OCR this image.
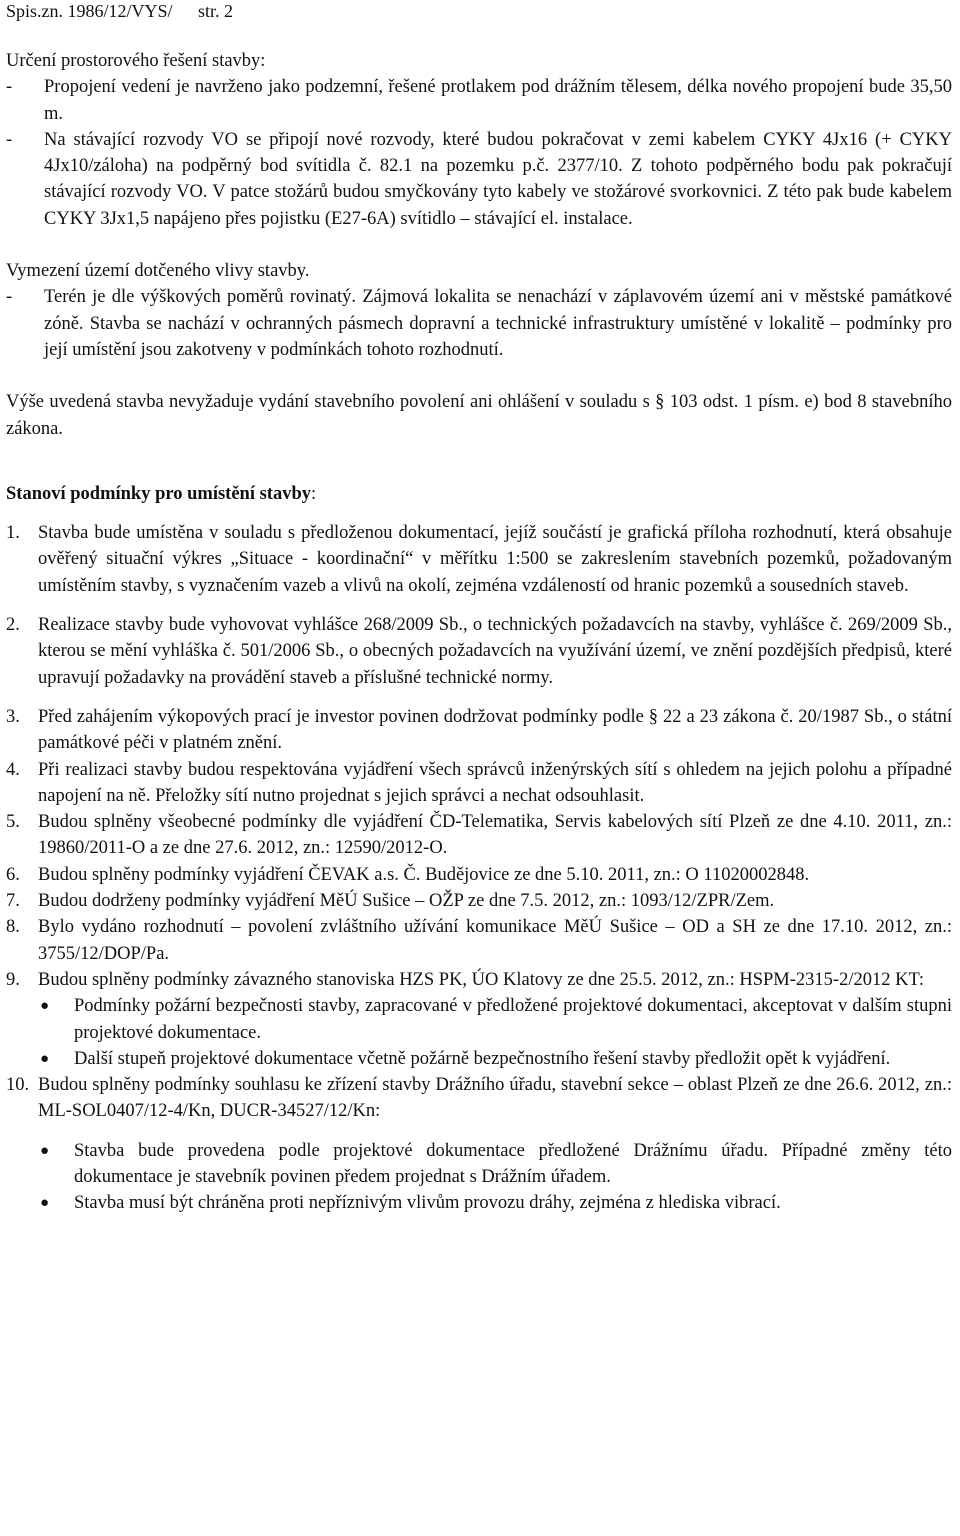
Spis.zn. 1986/12/VYS/ str. 2

Určení prostorového řešení stavby:

-	Propojení vedení je navrženo jako podzemní, řešené protlakem pod drážním tělesem, délka nového propojení bude 35,50 m.
-	Na stávající rozvody VO se připojí nové rozvody, které budou pokračovat v zemi kabelem CYKY 4Jx16 (+ CYKY 4Jx10/záloha) na podpěrný bod svítidla č. 82.1 na pozemku p.č. 2377/10. Z tohoto podpěrného bodu pak pokračují stávající rozvody VO. V patce stožárů budou smyčkovány tyto kabely ve stožárové svorkovnici. Z této pak bude kabelem CYKY 3Jx1,5 napájeno přes pojistku (E27-6A) svítidlo – stávající el. instalace.

Vymezení území dotčeného vlivy stavby.

-	Terén je dle výškových poměrů rovinatý. Zájmová lokalita se nenachází v záplavovém území ani v městské památkové zóně. Stavba se nachází v ochranných pásmech dopravní a technické infrastruktury umístěné v lokalitě – podmínky pro její umístění jsou zakotveny v podmínkách tohoto rozhodnutí.

Výše uvedená stavba nevyžaduje vydání stavebního povolení ani ohlášení v souladu s § 103 odst. 1 písm. e) bod 8 stavebního zákona.

Stanoví podmínky pro umístění stavby:

1. Stavba bude umístěna v souladu s předloženou dokumentací, jejíž součástí je grafická příloha rozhodnutí, která obsahuje ověřený situační výkres „Situace - koordinační“ v měřítku 1:500 se zakreslením stavebních pozemků, požadovaným umístěním stavby, s vyznačením vazeb a vlivů na okolí, zejména vzdáleností od hranic pozemků a sousedních staveb.
2. Realizace stavby bude vyhovovat vyhlášce 268/2009 Sb., o technických požadavcích na stavby, vyhlášce č. 269/2009 Sb., kterou se mění vyhláška č. 501/2006 Sb., o obecných požadavcích na využívání území, ve znění pozdějších předpisů, které upravují požadavky na provádění staveb a příslušné technické normy.
3. Před zahájením výkopových prací je investor povinen dodržovat podmínky podle § 22 a 23 zákona č. 20/1987 Sb., o státní památkové péči v platném znění.
4. Při realizaci stavby budou respektována vyjádření všech správců inženýrských sítí s ohledem na jejich polohu a případné napojení na ně. Přeložky sítí nutno projednat s jejich správci a nechat odsouhlasit.
5. Budou splněny všeobecné podmínky dle vyjádření ČD-Telematika, Servis kabelových sítí Plzeň ze dne 4.10. 2011, zn.: 19860/2011-O a ze dne 27.6. 2012, zn.: 12590/2012-O.
6. Budou splněny podmínky vyjádření ČEVAK a.s. Č. Budějovice ze dne 5.10. 2011, zn.: O 11020002848.
7. Budou dodrženy podmínky vyjádření MěÚ Sušice – OŽP ze dne 7.5. 2012, zn.: 1093/12/ZPR/Zem.
8. Bylo vydáno rozhodnutí – povolení zvláštního užívání komunikace MěÚ Sušice – OD a SH ze dne 17.10. 2012, zn.: 3755/12/DOP/Pa.
9. Budou splněny podmínky závazného stanoviska HZS PK, ÚO Klatovy ze dne 25.5. 2012, zn.: HSPM-2315-2/2012 KT:
●	Podmínky požární bezpečnosti stavby, zapracované v předložené projektové dokumentaci, akceptovat v dalším stupni projektové dokumentace.
●	Další stupeň projektové dokumentace včetně požárně bezpečnostního řešení stavby předložit opět k vyjádření.
10. Budou splněny podmínky souhlasu ke zřízení stavby Drážního úřadu, stavební sekce – oblast Plzeň ze dne 26.6. 2012, zn.: ML-SOL0407/12-4/Kn, DUCR-34527/12/Kn:
●	Stavba bude provedena podle projektové dokumentace předložené Drážnímu úřadu. Případné změny této dokumentace je stavebník povinen předem projednat s Drážním úřadem.
●	Stavba musí být chráněna proti nepříznivým vlivům provozu dráhy, zejména z hlediska vibrací.
